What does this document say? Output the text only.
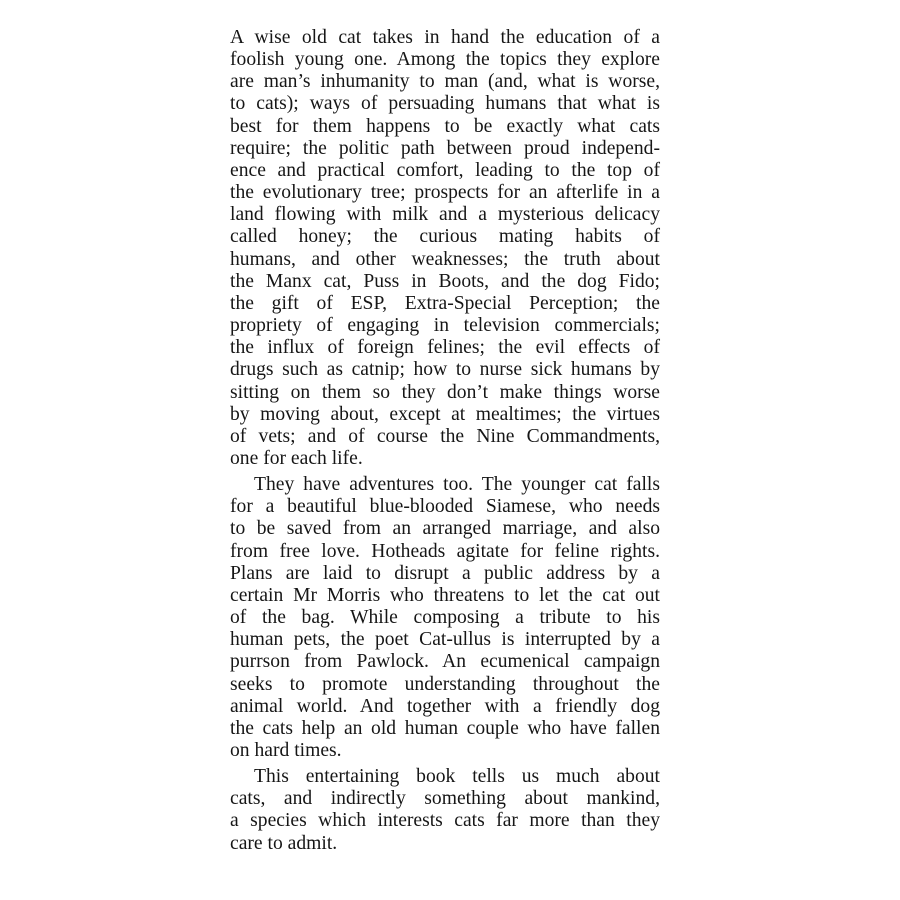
A wise old cat takes in hand the education of a
foolish young one. Among the topics they explore
are man’s inhumanity to man (and, what is worse,
to cats); ways of persuading humans that what is
best for them happens to be exactly what cats
require; the politic path between proud independ-
ence and practical comfort, leading to the top of
the evolutionary tree; prospects for an afterlife in a
land flowing with milk and a mysterious delicacy
called honey; the curious mating habits of
humans, and other weaknesses; the truth about
the Manx cat, Puss in Boots, and the dog Fido;
the gift of ESP, Extra-Special Perception; the
propriety of engaging in television commercials;
the influx of foreign felines; the evil effects of
drugs such as catnip; how to nurse sick humans by
sitting on them so they don’t make things worse
by moving about, except at mealtimes; the virtues
of vets; and of course the Nine Commandments,
one for each life.

They have adventures too. The younger cat falls
for a beautiful blue-blooded Siamese, who needs
to be saved from an arranged marriage, and also
from free love. Hotheads agitate for feline rights.
Plans are laid to disrupt a public address by a
certain Mr Morris who threatens to let the cat out
of the bag. While composing a tribute to his
human pets, the poet Cat-ullus is interrupted by a
purrson from Pawlock. An ecumenical campaign
seeks to promote understanding throughout the
animal world. And together with a friendly dog
the cats help an old human couple who have fallen
on hard times.

This entertaining book tells us much about
cats, and indirectly something about mankind,
a species which interests cats far more than they
care to admit.
